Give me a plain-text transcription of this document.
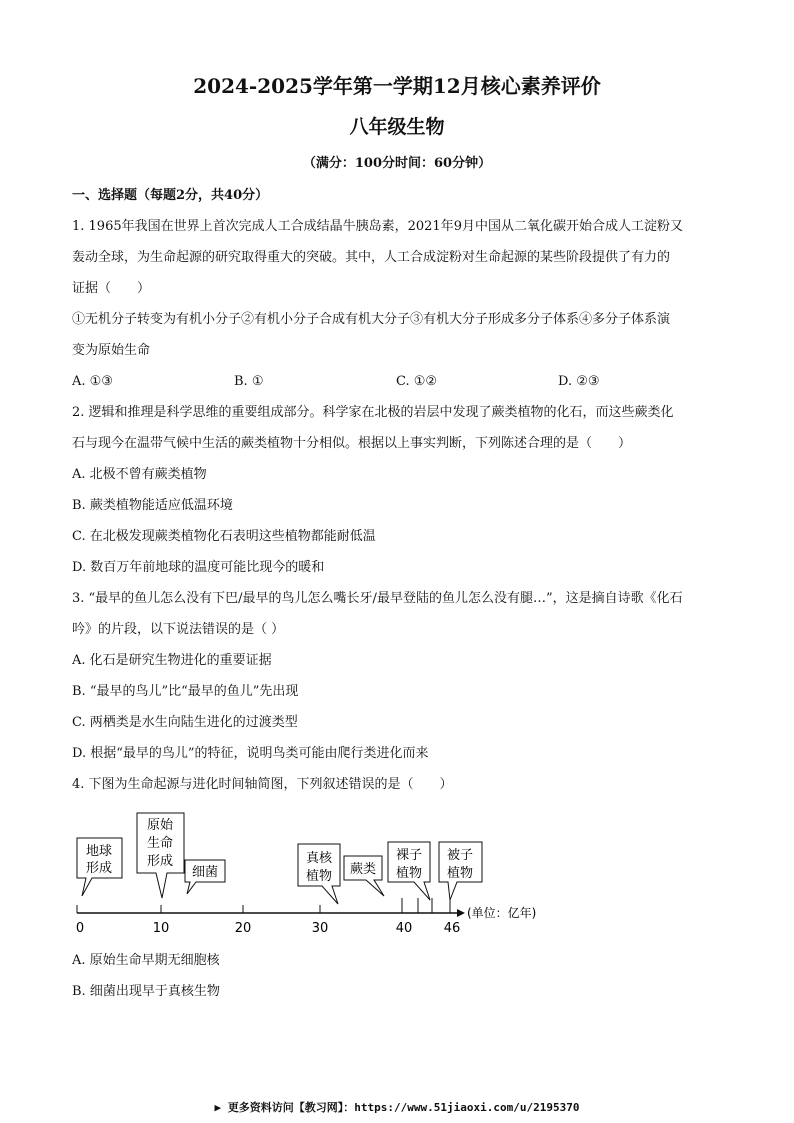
2024-2025学年第一学期12月核心素养评价
八年级生物
（满分：100分时间：60分钟）

一、选择题（每题2分，共40分）

1. 1965年我国在世界上首次完成人工合成结晶牛胰岛素，2021年9月中国从二氧化碳开始合成人工淀粉又

轰动全球，为生命起源的研究取得重大的突破。其中，人工合成淀粉对生命起源的某些阶段提供了有力的

证据（　　）

①无机分子转变为有机小分子②有机小分子合成有机大分子③有机大分子形成多分子体系④多分子体系演

变为原始生命

A. ①③	B. ①	C. ①②	D. ②③

2. 逻辑和推理是科学思维的重要组成部分。科学家在北极的岩层中发现了蕨类植物的化石，而这些蕨类化

石与现今在温带气候中生活的蕨类植物十分相似。根据以上事实判断，下列陈述合理的是（　　）

A. 北极不曾有蕨类植物

B. 蕨类植物能适应低温环境

C. 在北极发现蕨类植物化石表明这些植物都能耐低温

D. 数百万年前地球的温度可能比现今的暖和

3. “最早的鱼儿怎么没有下巴/最早的鸟儿怎么嘴长牙/最早登陆的鱼儿怎么没有腿…”，这是摘自诗歌《化石

吟》的片段，以下说法错误的是（ ）

A. 化石是研究生物进化的重要证据

B. “最早的鸟儿”比“最早的鱼儿”先出现

C. 两栖类是水生向陆生进化的过渡类型

D. 根据“最早的鸟儿”的特征，说明鸟类可能由爬行类进化而来

4. 下图为生命起源与进化时间轴简图，下列叙述错误的是（　　）

0	10	20	30	40 46
(单位：亿年)
地球
形成
原始
生命
形成
细菌
真核
植物 蕨类
裸子
植物
被子
植物

A. 原始生命早期无细胞核

B. 细菌出现早于真核生物

▶ 更多资料访问【教习网】：https://www.51jiaoxi.com/u/2195370
